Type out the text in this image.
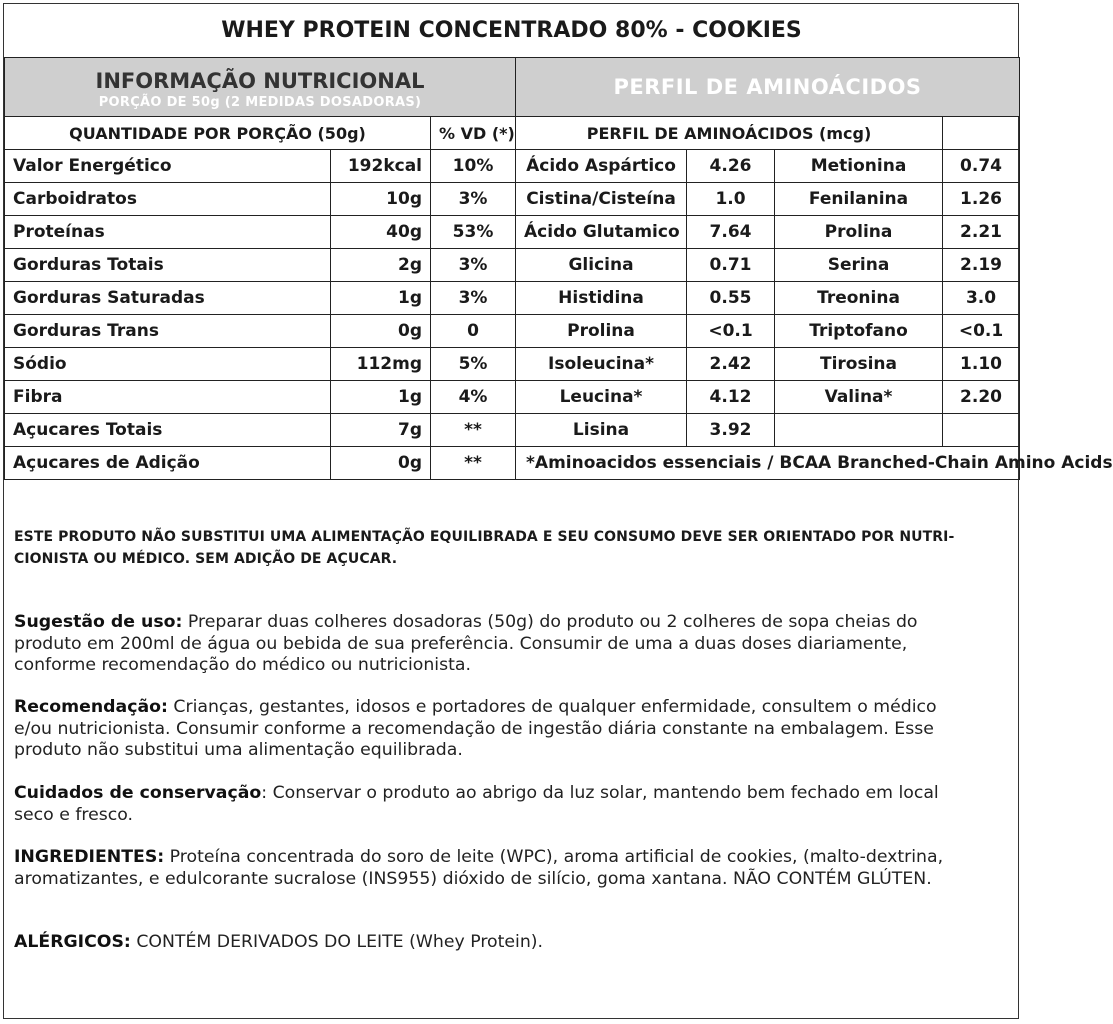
WHEY PROTEIN CONCENTRADO 80% - COOKIES
INFORMAÇÃO NUTRICIONAL
PORÇÃO DE 50g (2 MEDIDAS DOSADORAS)			PERFIL DE AMINOÁCIDOS			

QUANTIDADE POR PORÇÃO (50g)		% VD (*)	PERFIL DE AMINOÁCIDOS (mcg)			
Valor Energético	192kcal	10%	Ácido Aspártico	4.26	Metionina	0.74
Carboidratos	10g	3%	Cistina/Cisteína	1.0	Fenilanina	1.26
Proteínas	40g	53%	Ácido Glutamico	7.64	Prolina	2.21
Gorduras Totais	2g	3%	Glicina	0.71	Serina	2.19
Gorduras Saturadas	1g	3%	Histidina	0.55	Treonina	3.0
Gorduras Trans	0g	0	Prolina	<0.1	Triptofano	<0.1
Sódio	112mg	5%	Isoleucina*	2.42	Tirosina	1.10
Fibra	1g	4%	Leucina*	4.12	Valina*	2.20
Açucares Totais	7g	**	Lisina	3.92		
Açucares de Adição	0g	**	*Aminoacidos essenciais / BCAA Branched-Chain Amino Acids			
ESTE PRODUTO NÃO SUBSTITUI UMA ALIMENTAÇÃO EQUILIBRADA E SEU CONSUMO DEVE SER ORIENTADO POR NUTRI-CIONISTA OU MÉDICO. SEM ADIÇÃO DE AÇUCAR.
Sugestão de uso: Preparar duas colheres dosadoras (50g) do produto ou 2 colheres de sopa cheias do produto em 200ml de água ou bebida de sua preferência. Consumir de uma a duas doses diariamente, conforme recomendação do médico ou nutricionista.
Recomendação: Crianças, gestantes, idosos e portadores de qualquer enfermidade, consultem o médico e/ou nutricionista. Consumir conforme a recomendação de ingestão diária constante na embalagem. Esse produto não substitui uma alimentação equilibrada.
Cuidados de conservação: Conservar o produto ao abrigo da luz solar, mantendo bem fechado em local seco e fresco.
INGREDIENTES: Proteína concentrada do soro de leite (WPC), aroma artificial de cookies, (malto-dextrina, aromatizantes, e edulcorante sucralose (INS955) dióxido de silício, goma xantana. NÃO CONTÉM GLÚTEN.
ALÉRGICOS: CONTÉM DERIVADOS DO LEITE (Whey Protein).
